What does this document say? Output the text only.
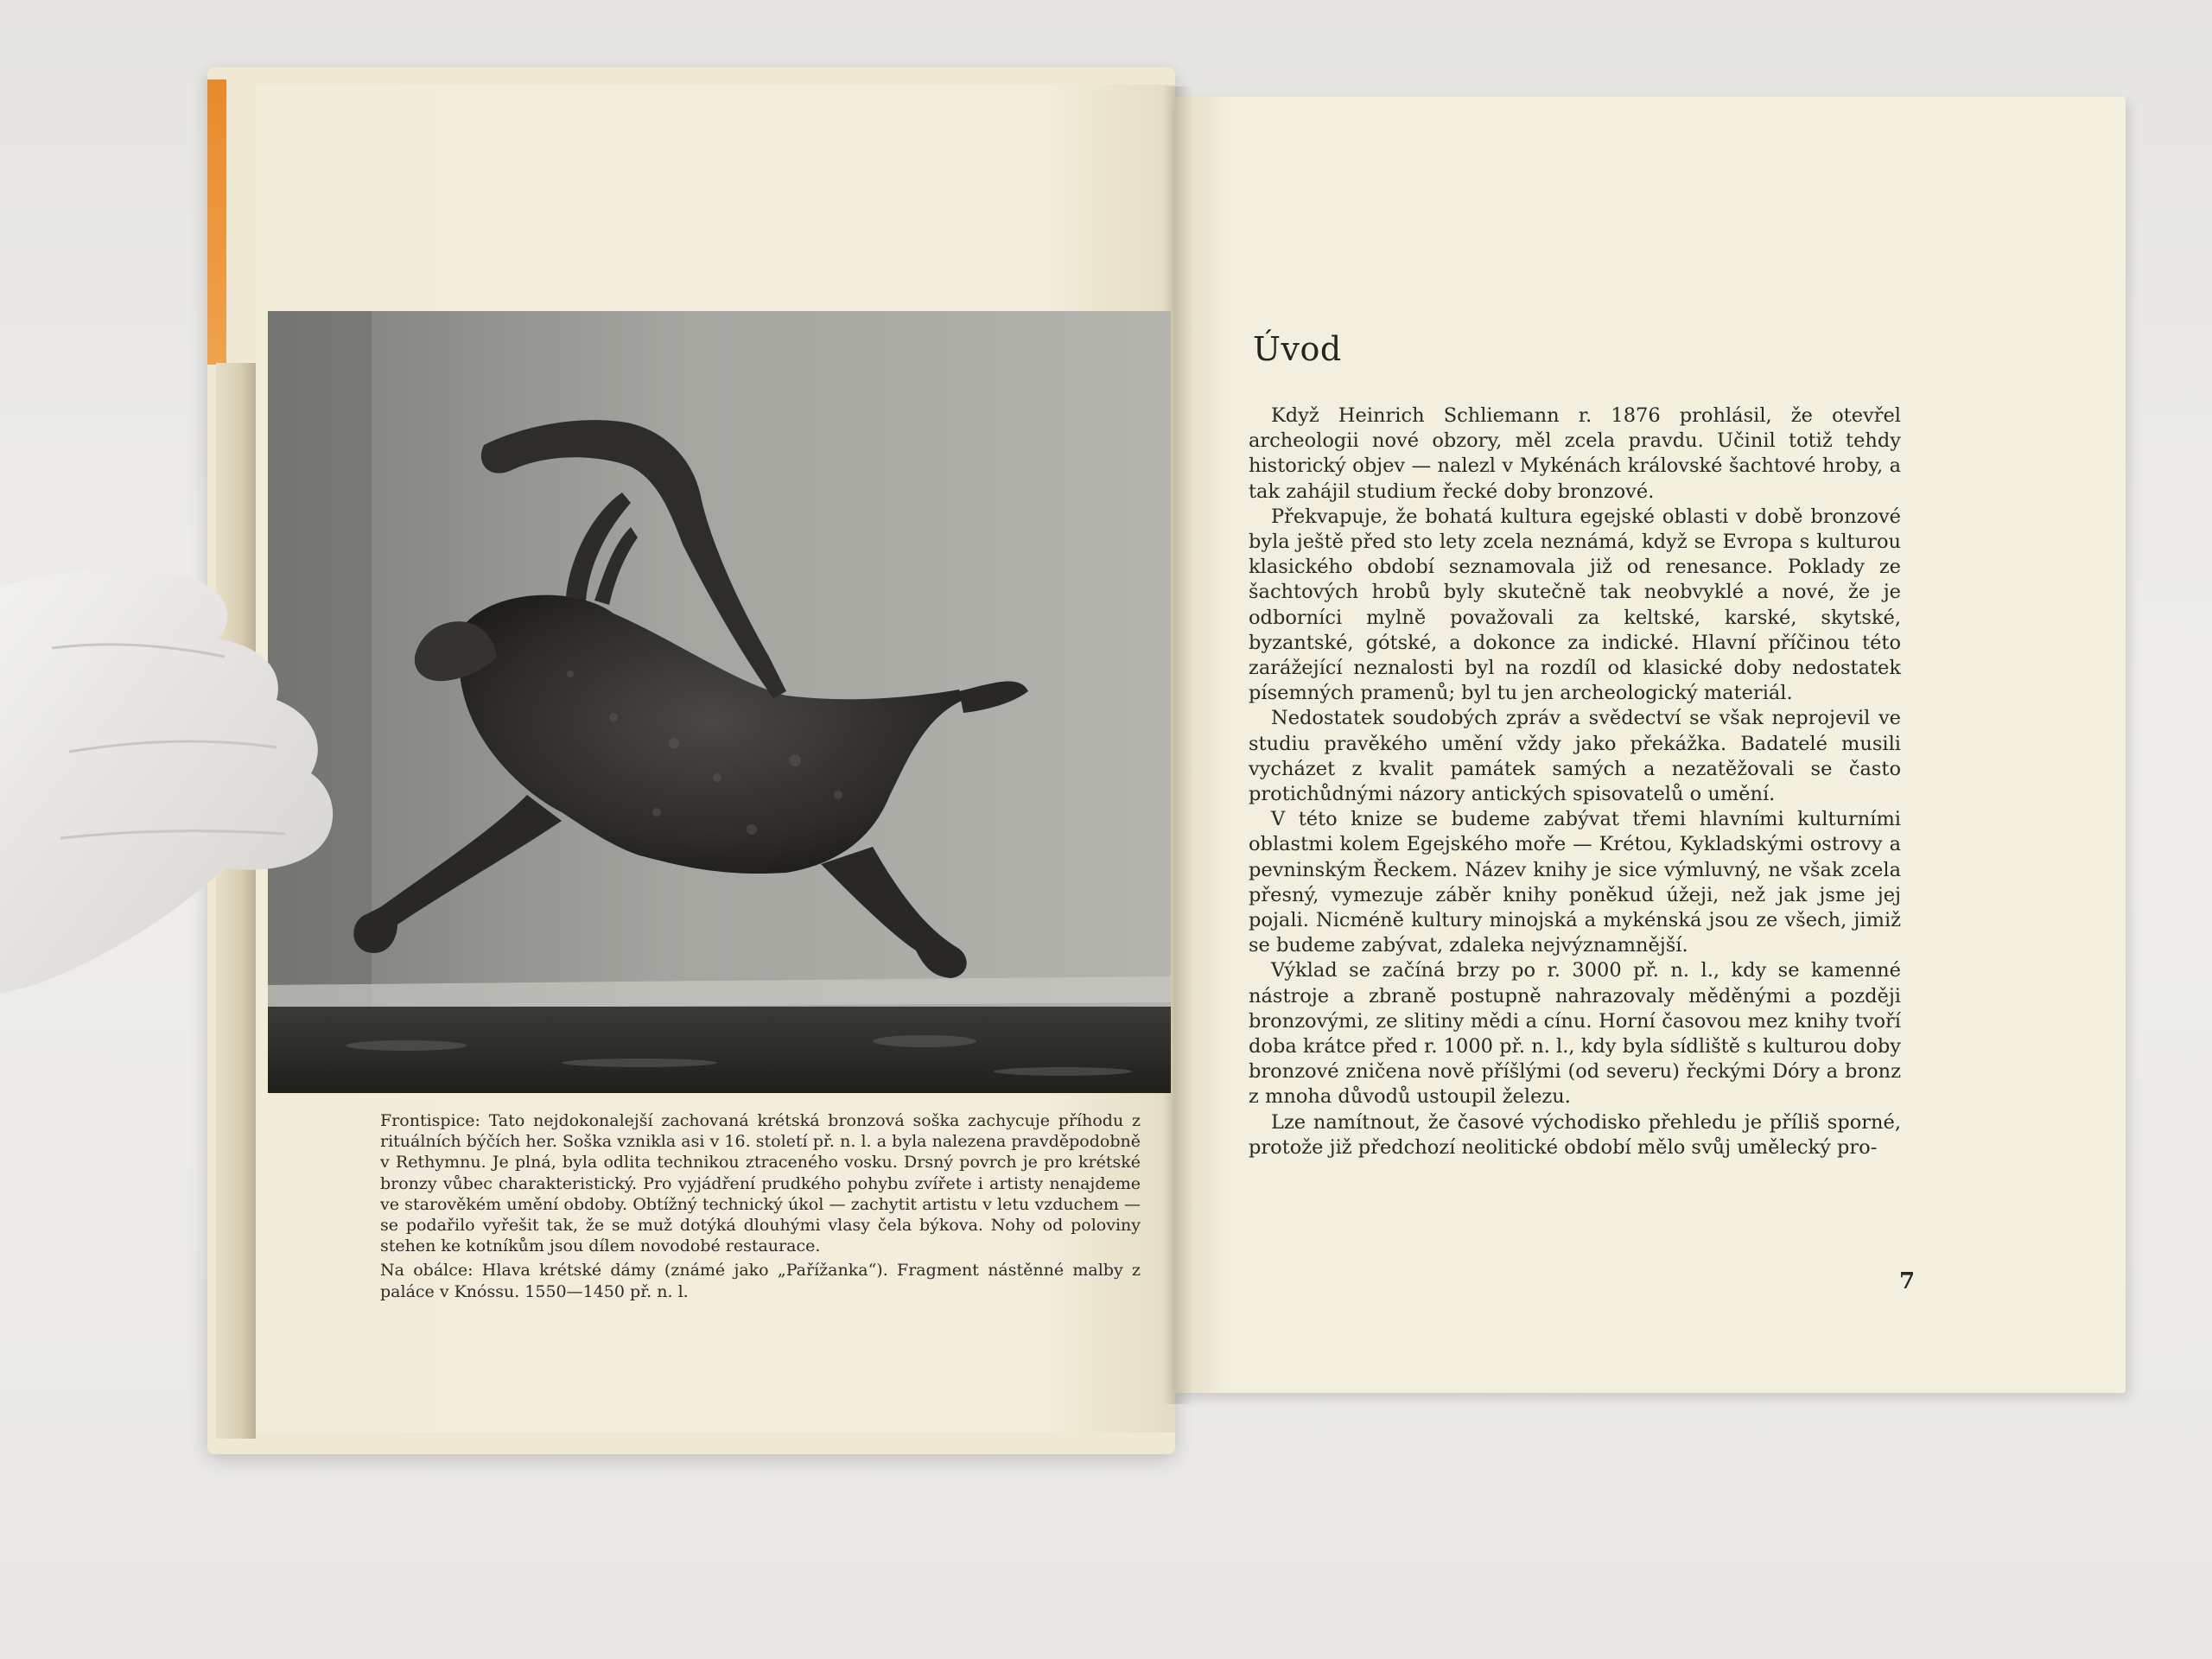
Frontispice: Tato nejdokonalejší zachovaná krétská bronzová soška zachycuje příhodu z rituálních býčích her. Soška vznikla asi v 16. století př. n. l. a byla nalezena pravděpodobně v Rethymnu. Je plná, byla odlita technikou ztraceného vosku. Drsný povrch je pro krétské bronzy vůbec charakteristický. Pro vyjádření prudkého pohybu zvířete i artisty nenajdeme ve starověkém umění obdoby. Obtížný technický úkol — zachytit artistu v letu vzduchem — se podařilo vyřešit tak, že se muž dotýká dlouhými vlasy čela býkova. Nohy od poloviny stehen ke kotníkům jsou dílem novodobé restaurace.

Na obálce: Hlava krétské dámy (známé jako „Pařížanka“). Fragment nástěnné malby z paláce v Knóssu. 1550—1450 př. n. l.

Úvod

Když Heinrich Schliemann r. 1876 prohlásil, že otevřel archeologii nové obzory, měl zcela pravdu. Učinil totiž tehdy historický objev — nalezl v Mykénách královské šachtové hroby, a tak zahájil studium řecké doby bronzové.

Překvapuje, že bohatá kultura egejské oblasti v době bronzové byla ještě před sto lety zcela neznámá, když se Evropa s kulturou klasického období seznamovala již od renesance. Poklady ze šachtových hrobů byly skutečně tak neobvyklé a nové, že je odborníci mylně považovali za keltské, karské, skytské, byzantské, gótské, a dokonce za indické. Hlavní příčinou této zarážející neznalosti byl na rozdíl od klasické doby nedostatek písemných pramenů; byl tu jen archeologický materiál.

Nedostatek soudobých zpráv a svědectví se však neprojevil ve studiu pravěkého umění vždy jako překážka. Badatelé musili vycházet z kvalit památek samých a nezatěžovali se často protichůdnými názory antických spisovatelů o umění.

V této knize se budeme zabývat třemi hlavními kulturními oblastmi kolem Egejského moře — Krétou, Kykladskými ostrovy a pevninským Řeckem. Název knihy je sice výmluvný, ne však zcela přesný, vymezuje záběr knihy poněkud úžeji, než jak jsme jej pojali. Nicméně kultury minojská a mykénská jsou ze všech, jimiž se budeme zabývat, zdaleka nejvýznamnější.

Výklad se začíná brzy po r. 3000 př. n. l., kdy se kamenné nástroje a zbraně postupně nahrazovaly měděnými a později bronzovými, ze slitiny mědi a cínu. Horní časovou mez knihy tvoří doba krátce před r. 1000 př. n. l., kdy byla sídliště s kulturou doby bronzové zničena nově příšlými (od severu) řeckými Dóry a bronz z mnoha důvodů ustoupil železu.

Lze namítnout, že časové východisko přehledu je příliš sporné, protože již předchozí neolitické období mělo svůj umělecký pro-

7
